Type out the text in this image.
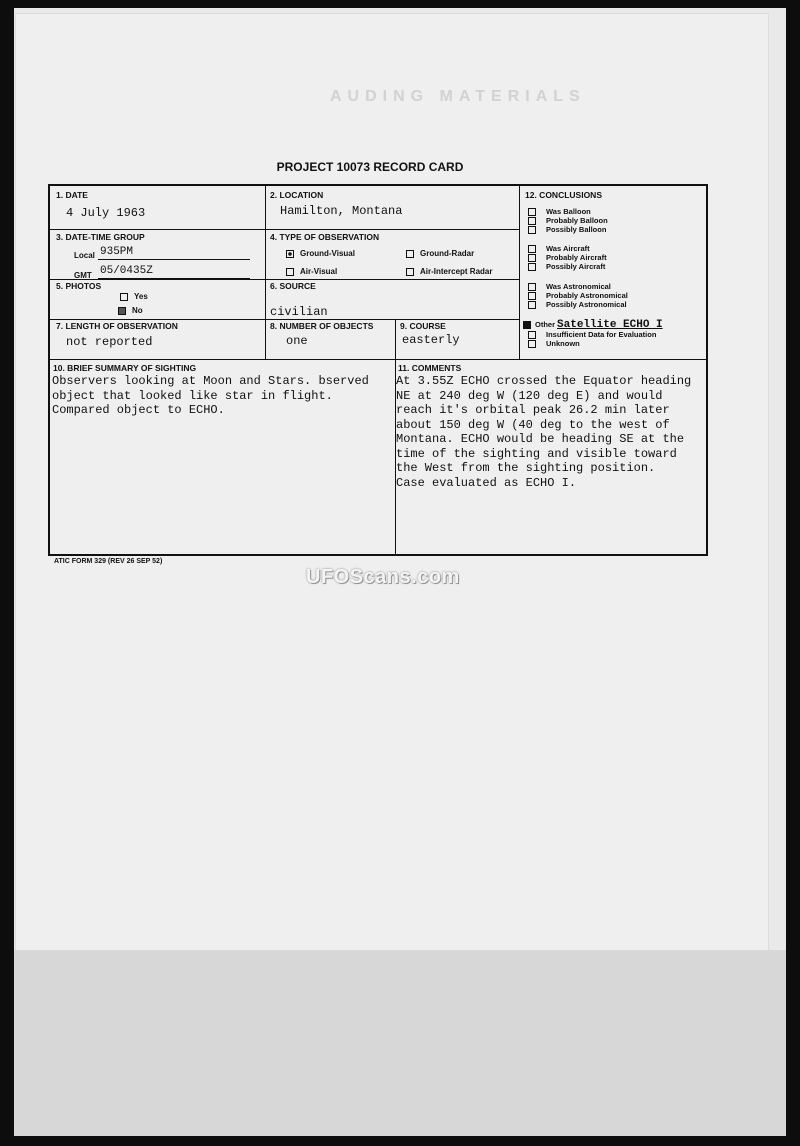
AUDING MATERIALS
PROJECT 10073 RECORD CARD
1. DATE
4 July 1963
2. LOCATION
Hamilton, Montana
3. DATE-TIME GROUP
Local 935PM
GMT 05/0435Z
4. TYPE OF OBSERVATION
Ground-Visual	Ground-Radar
Air-Visual	Air-Intercept Radar
5. PHOTOS
Yes
No
6. SOURCE
civilian
7. LENGTH OF OBSERVATION
not reported
8. NUMBER OF OBJECTS
one
9. COURSE
easterly
12. CONCLUSIONS
Was Balloon
Probably Balloon
Possibly Balloon
Was Aircraft
Probably Aircraft
Possibly Aircraft
Was Astronomical
Probably Astronomical
Possibly Astronomical
Other Satellite ECHO I
Insufficient Data for Evaluation
Unknown
10. BRIEF SUMMARY OF SIGHTING
Observers looking at Moon and Stars. bserved
object that looked like star in flight.
Compared object to ECHO.
11. COMMENTS
At 3.55Z ECHO crossed the Equator heading
NE at 240 deg W (120 deg E) and would
reach it's orbital peak 26.2 min later
about 150 deg W (40 deg to the west of
Montana. ECHO would be heading SE at the
time of the sighting and visible toward
the West from the sighting position.
Case evaluated as ECHO I.
ATIC FORM 329 (REV 26 SEP 52)
UFOScans.com
